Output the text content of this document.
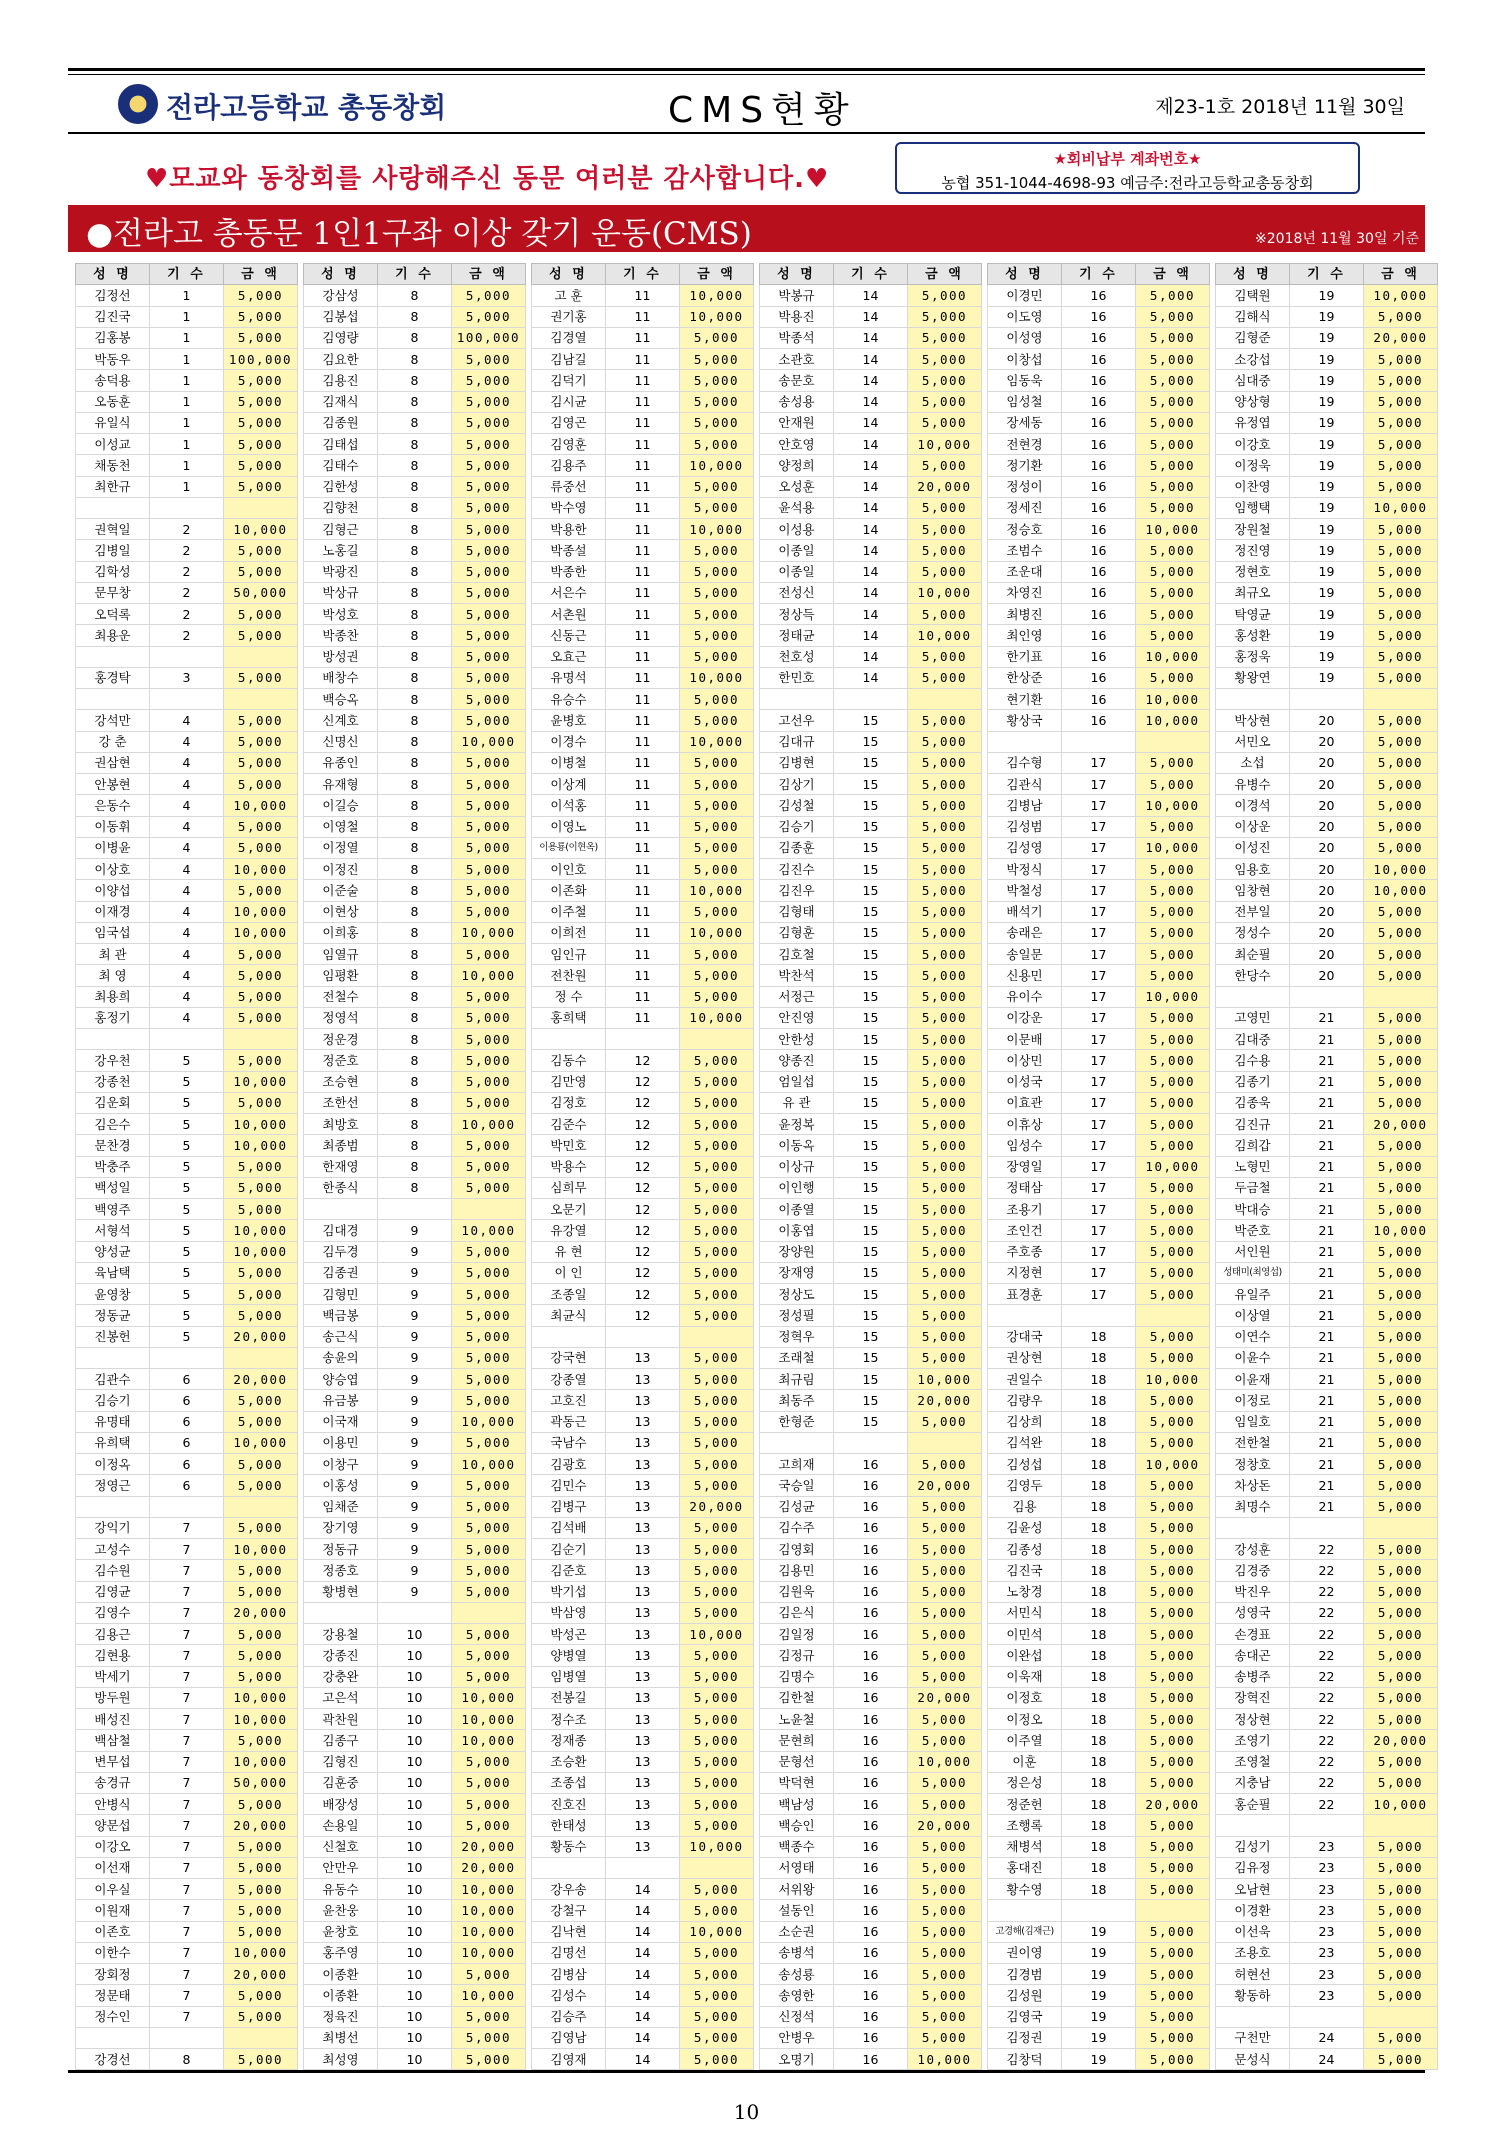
전라고등학교 총동창회	CMS현황	제23-1호 2018년 11월 30일
♥모교와 동창회를 사랑해주신 동문 여러분 감사합니다.♥
★회비납부 계좌번호★
농협 351-1044-4698-93 예금주:전라고등학교총동창회
●전라고 총동문 1인1구좌 이상 갖기 운동(CMS)	※2018년 11월 30일 기준
성 명	기 수	금 액
김정선	1	5,000
김진국	1	5,000
김홍봉	1	5,000
박동우	1	100,000
송덕용	1	5,000
오동훈	1	5,000
유일식	1	5,000
이성교	1	5,000
채동천	1	5,000
최한규	1	5,000

권혁일	2	10,000
김병일	2	5,000
김학성	2	5,000
문무창	2	50,000
오덕록	2	5,000
최용운	2	5,000

홍경탁	3	5,000

강석만	4	5,000
강 춘	4	5,000
권삼현	4	5,000
안봉현	4	5,000
은동수	4	10,000
이동휘	4	5,000
이병윤	4	5,000
이상호	4	10,000
이양섭	4	5,000
이재경	4	10,000
임국섭	4	10,000
최 관	4	5,000
최 영	4	5,000
최용희	4	5,000
홍정기	4	5,000

강우천	5	5,000
강종천	5	10,000
김운회	5	5,000
김은수	5	10,000
문찬경	5	10,000
박충주	5	5,000
백성일	5	5,000
백영주	5	5,000
서형석	5	10,000
양성균	5	10,000
육남택	5	5,000
윤영창	5	5,000
정동균	5	5,000
진봉헌	5	20,000

김관수	6	20,000
김승기	6	5,000
유명태	6	5,000
유희택	6	10,000
이정옥	6	5,000
정영근	6	5,000

강익기	7	5,000
고성수	7	10,000
김수원	7	5,000
김영균	7	5,000
김영수	7	20,000
김용근	7	5,000
김현용	7	5,000
박세기	7	5,000
방두원	7	10,000
배성진	7	10,000
백삼철	7	5,000
변무섭	7	10,000
송경규	7	50,000
안병식	7	5,000
양문섭	7	20,000
이강오	7	5,000
이선재	7	5,000
이우실	7	5,000
이원재	7	5,000
이존호	7	5,000
이한수	7	10,000
장회정	7	20,000
정문태	7	5,000
정수인	7	5,000

강경선	8	5,000
성 명	기 수	금 액
강삼성	8	5,000
김봉섭	8	5,000
김영량	8	100,000
김요한	8	5,000
김용진	8	5,000
김재식	8	5,000
김종원	8	5,000
김태섭	8	5,000
김태수	8	5,000
김한성	8	5,000
김향천	8	5,000
김형근	8	5,000
노홍길	8	5,000
박광진	8	5,000
박상규	8	5,000
박성호	8	5,000
박종찬	8	5,000
방성권	8	5,000
배창수	8	5,000
백승옥	8	5,000
신계호	8	5,000
신명신	8	10,000
유종인	8	5,000
유재형	8	5,000
이길승	8	5,000
이영철	8	5,000
이정열	8	5,000
이정진	8	5,000
이준술	8	5,000
이현상	8	5,000
이희홍	8	10,000
임열규	8	5,000
임평환	8	10,000
전철수	8	5,000
정영석	8	5,000
정운경	8	5,000
정준호	8	5,000
조승현	8	5,000
조한선	8	5,000
최방호	8	10,000
최종범	8	5,000
한재영	8	5,000
한종식	8	5,000

김대경	9	10,000
김두경	9	5,000
김종권	9	5,000
김형민	9	5,000
백금봉	9	5,000
송근식	9	5,000
송윤의	9	5,000
양승엽	9	5,000
유금봉	9	5,000
이국재	9	10,000
이용민	9	5,000
이창구	9	10,000
이홍성	9	5,000
임채준	9	5,000
장기영	9	5,000
정동규	9	5,000
정종호	9	5,000
황병현	9	5,000

강용철	10	5,000
강종진	10	5,000
강충완	10	5,000
고은석	10	10,000
곽찬원	10	10,000
김종구	10	10,000
김형진	10	5,000
김훈중	10	5,000
배장성	10	5,000
손용일	10	5,000
신철호	10	20,000
안만우	10	20,000
유동수	10	10,000
윤찬웅	10	10,000
윤창호	10	10,000
홍주영	10	10,000
이종환	10	5,000
이종환	10	10,000
정육진	10	5,000
최병선	10	5,000
최성영	10	5,000
성 명	기 수	금 액
고 훈	11	10,000
권기홍	11	10,000
김경열	11	5,000
김남길	11	5,000
김덕기	11	5,000
김시균	11	5,000
김영곤	11	5,000
김영훈	11	5,000
김용주	11	10,000
류중선	11	5,000
박수영	11	5,000
박용한	11	10,000
박종설	11	5,000
박종한	11	5,000
서은수	11	5,000
서촌원	11	5,000
신동근	11	5,000
오효근	11	5,000
유명석	11	10,000
유승수	11	5,000
윤병호	11	5,000
이경수	11	10,000
이병철	11	5,000
이상계	11	5,000
이석홍	11	5,000
이영노	11	5,000
이용룡(이현옥)	11	5,000
이인호	11	5,000
이존화	11	10,000
이주철	11	5,000
이희전	11	10,000
임인규	11	5,000
전찬원	11	5,000
정 수	11	5,000
홍희택	11	10,000

김동수	12	5,000
김만영	12	5,000
김정호	12	5,000
김준수	12	5,000
박민호	12	5,000
박용수	12	5,000
심희무	12	5,000
오문기	12	5,000
유강열	12	5,000
유 현	12	5,000
이 인	12	5,000
조종일	12	5,000
최균식	12	5,000

강국현	13	5,000
강종열	13	5,000
고호진	13	5,000
곽동근	13	5,000
국남수	13	5,000
김광호	13	5,000
김민수	13	5,000
김병구	13	20,000
김석배	13	5,000
김순기	13	5,000
김준호	13	5,000
박기섭	13	5,000
박삼영	13	5,000
박성곤	13	10,000
양병열	13	5,000
임병열	13	5,000
전봉길	13	5,000
정수조	13	5,000
정재종	13	5,000
조승환	13	5,000
조종섭	13	5,000
진호진	13	5,000
한태성	13	5,000
황동수	13	10,000

강우송	14	5,000
강철구	14	5,000
김낙현	14	10,000
김명선	14	5,000
김병삼	14	5,000
김성수	14	5,000
김승주	14	5,000
김영남	14	5,000
김영재	14	5,000
성 명	기 수	금 액
박봉규	14	5,000
박용진	14	5,000
박종석	14	5,000
소관호	14	5,000
송문호	14	5,000
송성용	14	5,000
안재원	14	5,000
안호영	14	10,000
양정희	14	5,000
오성훈	14	20,000
윤석용	14	5,000
이성용	14	5,000
이종일	14	5,000
이종일	14	5,000
전성신	14	10,000
정상득	14	5,000
정태균	14	10,000
천호성	14	5,000
한민호	14	5,000

고선우	15	5,000
김대규	15	5,000
김병현	15	5,000
김상기	15	5,000
김성철	15	5,000
김승기	15	5,000
김종훈	15	5,000
김진수	15	5,000
김진우	15	5,000
김형태	15	5,000
김형훈	15	5,000
김호철	15	5,000
박찬석	15	5,000
서정근	15	5,000
안진영	15	5,000
안한성	15	5,000
양종진	15	5,000
엄일섭	15	5,000
유 관	15	5,000
윤정복	15	5,000
이동옥	15	5,000
이상규	15	5,000
이인행	15	5,000
이종열	15	5,000
이홍엽	15	5,000
장양원	15	5,000
장재영	15	5,000
정상도	15	5,000
정성필	15	5,000
정혁우	15	5,000
조래철	15	5,000
최규림	15	10,000
최동주	15	20,000
한형준	15	5,000

고희재	16	5,000
국승일	16	20,000
김성균	16	5,000
김수주	16	5,000
김영회	16	5,000
김용민	16	5,000
김원욱	16	5,000
김은식	16	5,000
김일정	16	5,000
김정규	16	5,000
김명수	16	5,000
김한철	16	20,000
노윤철	16	5,000
문현희	16	5,000
문형선	16	10,000
박덕현	16	5,000
백남성	16	5,000
백승인	16	20,000
백종수	16	5,000
서영태	16	5,000
서위왕	16	5,000
설동인	16	5,000
소순권	16	5,000
송병석	16	5,000
송성룡	16	5,000
송영한	16	5,000
신정석	16	5,000
안병우	16	5,000
오명기	16	10,000
성 명	기 수	금 액
이경민	16	5,000
이도영	16	5,000
이성영	16	5,000
이창섭	16	5,000
임동욱	16	5,000
임성철	16	5,000
장세동	16	5,000
전현경	16	5,000
정기환	16	5,000
정성이	16	5,000
정세진	16	5,000
정승호	16	10,000
조범수	16	5,000
조운대	16	5,000
차영진	16	5,000
최병진	16	5,000
최인영	16	5,000
한기표	16	10,000
한상준	16	5,000
현기환	16	10,000
황상국	16	10,000

김수형	17	5,000
김관식	17	5,000
김병남	17	10,000
김성범	17	5,000
김성영	17	10,000
박정식	17	5,000
박철성	17	5,000
배석기	17	5,000
송래은	17	5,000
송일문	17	5,000
신용민	17	5,000
유이수	17	10,000
이강운	17	5,000
이문배	17	5,000
이상민	17	5,000
이성국	17	5,000
이효관	17	5,000
이휴상	17	5,000
임성수	17	5,000
장영일	17	10,000
정태삼	17	5,000
조용기	17	5,000
조인건	17	5,000
주호종	17	5,000
지정현	17	5,000
표경훈	17	5,000

강대국	18	5,000
권상현	18	5,000
권일수	18	10,000
김량우	18	5,000
김상희	18	5,000
김석완	18	5,000
김성섭	18	10,000
김영두	18	5,000
김용	18	5,000
김윤성	18	5,000
김종성	18	5,000
김진국	18	5,000
노창경	18	5,000
서민식	18	5,000
이민석	18	5,000
이완섭	18	5,000
이욱재	18	5,000
이정호	18	5,000
이정오	18	5,000
이주열	18	5,000
이훈	18	5,000
정은성	18	5,000
정준헌	18	20,000
조행록	18	5,000
채병석	18	5,000
홍대진	18	5,000
황수영	18	5,000

고경해(김재근)	19	5,000
권이영	19	5,000
김경범	19	5,000
김성원	19	5,000
김영국	19	5,000
김정권	19	5,000
김창덕	19	5,000
성 명	기 수	금 액
김택원	19	10,000
김해식	19	5,000
김형준	19	20,000
소강섭	19	5,000
심대중	19	5,000
양상형	19	5,000
유정엽	19	5,000
이강호	19	5,000
이정욱	19	5,000
이찬영	19	5,000
임행택	19	10,000
장원철	19	5,000
정진영	19	5,000
정현호	19	5,000
최규오	19	5,000
탁영균	19	5,000
홍성환	19	5,000
홍정욱	19	5,000
황왕연	19	5,000

박상현	20	5,000
서민오	20	5,000
소섭	20	5,000
유병수	20	5,000
이경석	20	5,000
이상운	20	5,000
이성진	20	5,000
임용호	20	10,000
임창현	20	10,000
전부일	20	5,000
정성수	20	5,000
최순필	20	5,000
한당수	20	5,000

고영민	21	5,000
김대중	21	5,000
김수용	21	5,000
김종기	21	5,000
김종욱	21	5,000
김진규	21	20,000
김희갑	21	5,000
노형민	21	5,000
두금철	21	5,000
박대승	21	5,000
박준호	21	10,000
서인원	21	5,000
성태미(최영섭)	21	5,000
유일주	21	5,000
이상열	21	5,000
이연수	21	5,000
이윤수	21	5,000
이윤재	21	5,000
이정로	21	5,000
임일호	21	5,000
전한철	21	5,000
정창호	21	5,000
차상돈	21	5,000
최명수	21	5,000

강성훈	22	5,000
김경중	22	5,000
박진우	22	5,000
성영국	22	5,000
손경표	22	5,000
송대곤	22	5,000
송병주	22	5,000
장혁진	22	5,000
정상현	22	5,000
조영기	22	20,000
조영철	22	5,000
지충남	22	5,000
홍순필	22	10,000

김성기	23	5,000
김유정	23	5,000
오남현	23	5,000
이경환	23	5,000
이선욱	23	5,000
조용호	23	5,000
허현선	23	5,000
황동하	23	5,000

구천만	24	5,000
문성식	24	5,000
10
